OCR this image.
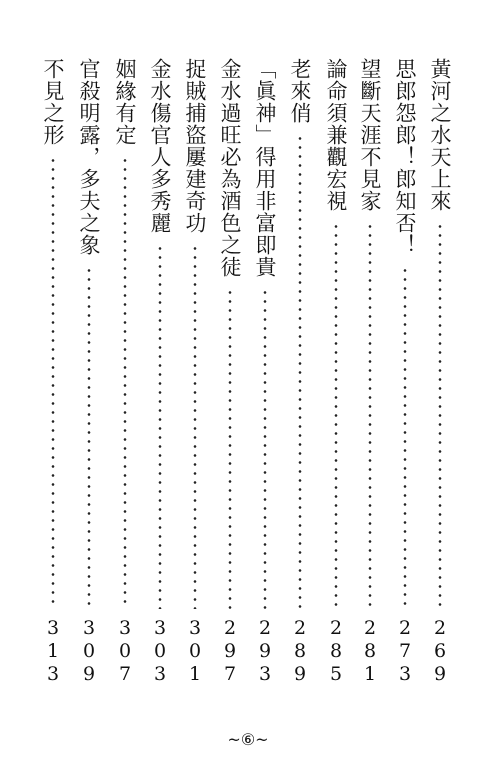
黃河之水天上來
269
思郎怨郎！郎知否！
273
望斷天涯不見家
281
論命須兼觀宏視
285
老來俏
289
「眞神」得用非富即貴
293
金水過旺必為酒色之徒
297
捉賊捕盜屢建奇功
301
金水傷官人多秀麗
303
姻緣有定
307
官殺明露，多夫之象
309
不見之形
313
~⑥~
